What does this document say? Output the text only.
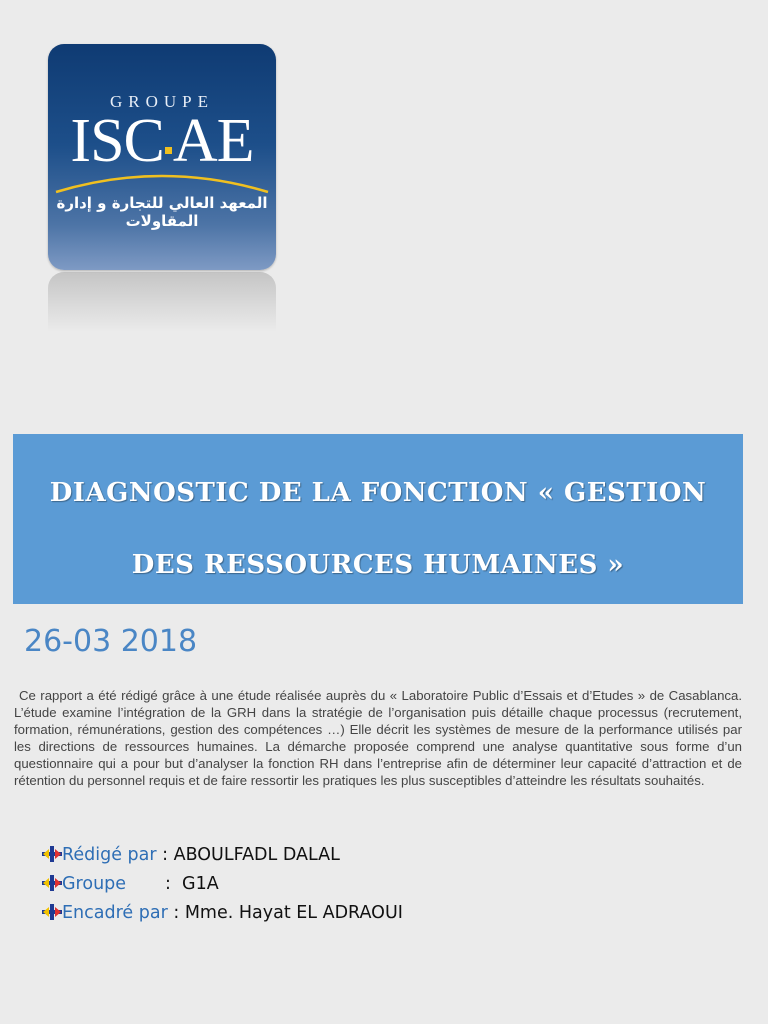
GROUPE
ISC AE
المعهد العالي للتجارة و إدارة المقاولات
DIAGNOSTIC DE LA FONCTION « GESTION
DES RESSOURCES HUMAINES »
26-03 2018
Ce rapport a été rédigé grâce à une étude réalisée auprès du « Laboratoire Public d’Essais et d’Etudes » de Casablanca. L’étude examine l’intégration de la GRH dans la stratégie de l’organisation puis détaille chaque processus (recrutement, formation, rémunérations, gestion des compétences …) Elle décrit les systèmes de mesure de la performance utilisés par les directions de ressources humaines. La démarche proposée comprend une analyse quantitative sous forme d’un questionnaire qui a pour but d’analyser la fonction RH dans l’entreprise afin de déterminer leur capacité d’attraction et de rétention du personnel requis et de faire ressortir les pratiques les plus susceptibles d’atteindre les résultats souhaités.
Rédigé par : ABOULFADL DALAL
Groupe       :  G1A
Encadré par : Mme. Hayat EL ADRAOUI
